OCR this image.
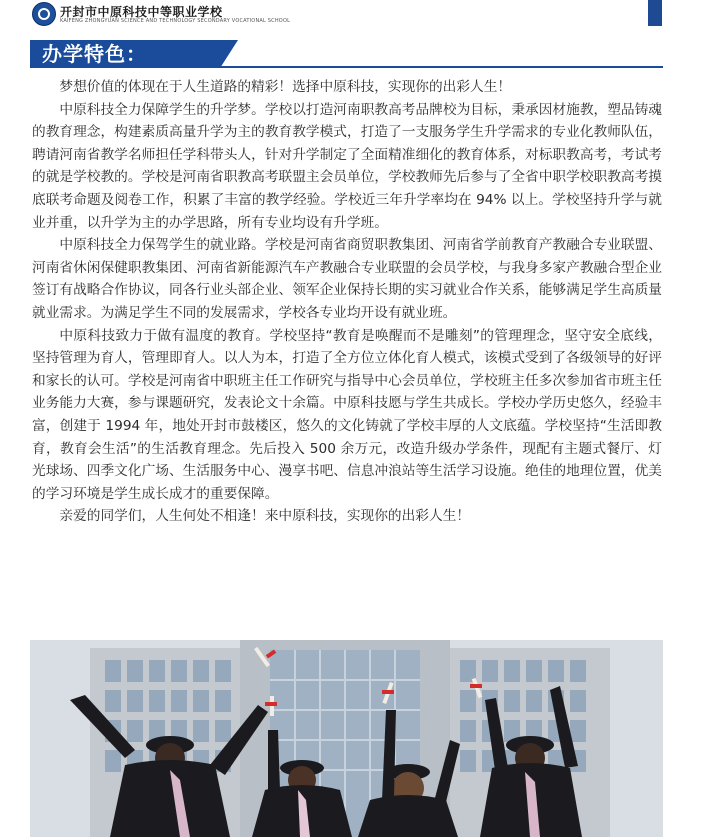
开封市中原科技中等职业学校
KAIFENG ZHONGYUAN SCIENCE AND TECHNOLOGY SECONDARY VOCATIONAL SCHOOL
办学特色：

梦想价值的体现在于人生道路的精彩！选择中原科技，实现你的出彩人生！

中原科技全力保障学生的升学梦。学校以打造河南职教高考品牌校为目标，秉承因材施教，塑品铸魂的教育理念，构建素质高量升学为主的教育教学模式，打造了一支服务学生升学需求的专业化教师队伍，聘请河南省教学名师担任学科带头人，针对升学制定了全面精准细化的教育体系，对标职教高考，考试考的就是学校教的。学校是河南省职教高考联盟主会员单位，学校教师先后参与了全省中职学校职教高考摸底联考命题及阅卷工作，积累了丰富的教学经验。学校近三年升学率均在 94% 以上。学校坚持升学与就业并重，以升学为主的办学思路，所有专业均设有升学班。

中原科技全力保驾学生的就业路。学校是河南省商贸职教集团、河南省学前教育产教融合专业联盟、河南省休闲保健职教集团、河南省新能源汽车产教融合专业联盟的会员学校，与我身多家产教融合型企业签订有战略合作协议，同各行业头部企业、领军企业保持长期的实习就业合作关系，能够满足学生高质量就业需求。为满足学生不同的发展需求，学校各专业均开设有就业班。

中原科技致力于做有温度的教育。学校坚持“教育是唤醒而不是雕刻”的管理理念，坚守安全底线，坚持管理为育人，管理即育人。以人为本，打造了全方位立体化育人模式，该模式受到了各级领导的好评和家长的认可。学校是河南省中职班主任工作研究与指导中心会员单位，学校班主任多次参加省市班主任业务能力大赛，参与课题研究，发表论文十余篇。中原科技愿与学生共成长。学校办学历史悠久，经验丰富，创建于 1994 年，地处开封市鼓楼区，悠久的文化铸就了学校丰厚的人文底蕴。学校坚持“生活即教育，教育会生活”的生活教育理念。先后投入 500 余万元，改造升级办学条件，现配有主题式餐厅、灯光球场、四季文化广场、生活服务中心、漫享书吧、信息冲浪站等生活学习设施。绝佳的地理位置，优美的学习环境是学生成长成才的重要保障。

亲爱的同学们，人生何处不相逢！来中原科技，实现你的出彩人生！
